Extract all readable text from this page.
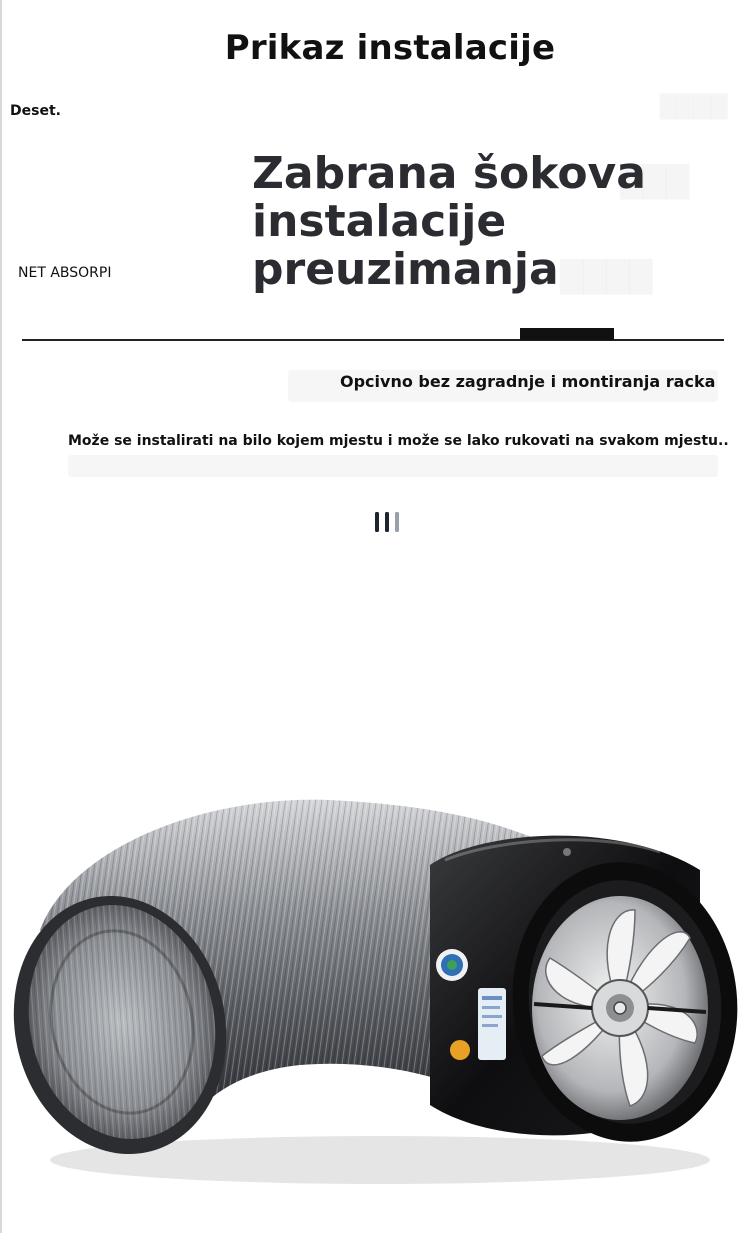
Prikaz instalacije
Deset.
NET ABSORPI
Zabrana šokova
instalacije
preuzimanja
Opcivno bez zagradnje i montiranja racka
Može se instalirati na bilo kojem mjestu i može se lako rukovati na svakom mjestu..
